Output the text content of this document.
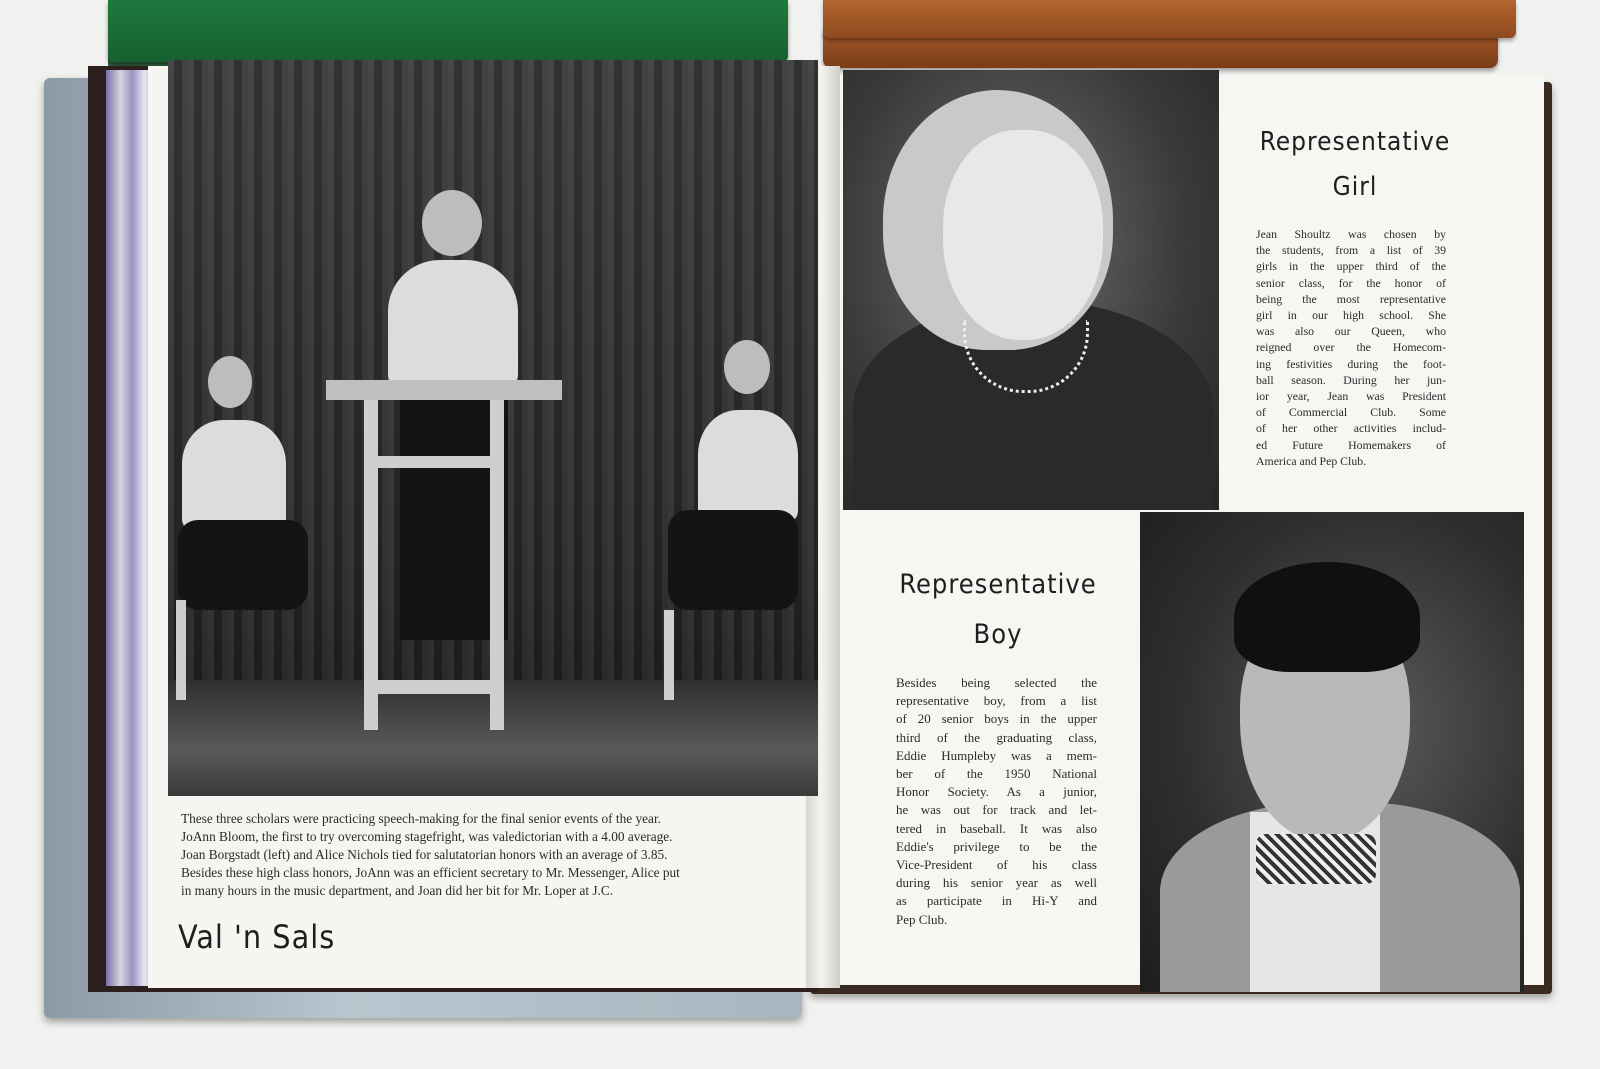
These three scholars were practicing speech-making for the final senior events of the year.
JoAnn Bloom, the first to try overcoming stagefright, was valedictorian with a 4.00 average.
Joan Borgstadt (left) and Alice Nichols tied for salutatorian honors with an average of 3.85.
Besides these high class honors, JoAnn was an efficient secretary to Mr. Messenger, Alice put
in many hours in the music department, and Joan did her bit for Mr. Loper at J.C.
Val 'n Sals
Representative
Girl
Jean Shoultz was chosen by
the students, from a list of 39
girls in the upper third of the
senior class, for the honor of
being the most representative
girl in our high school. She
was also our Queen, who
reigned over the Homecom-
ing festivities during the foot-
ball season. During her jun-
ior year, Jean was President
of Commercial Club. Some
of her other activities includ-
ed Future Homemakers of
America and Pep Club.
Representative
Boy
Besides being selected the
representative boy, from a list
of 20 senior boys in the upper
third of the graduating class,
Eddie Humpleby was a mem-
ber of the 1950 National
Honor Society. As a junior,
he was out for track and let-
tered in baseball. It was also
Eddie's privilege to be the
Vice-President of his class
during his senior year as well
as participate in Hi-Y and
Pep Club.
